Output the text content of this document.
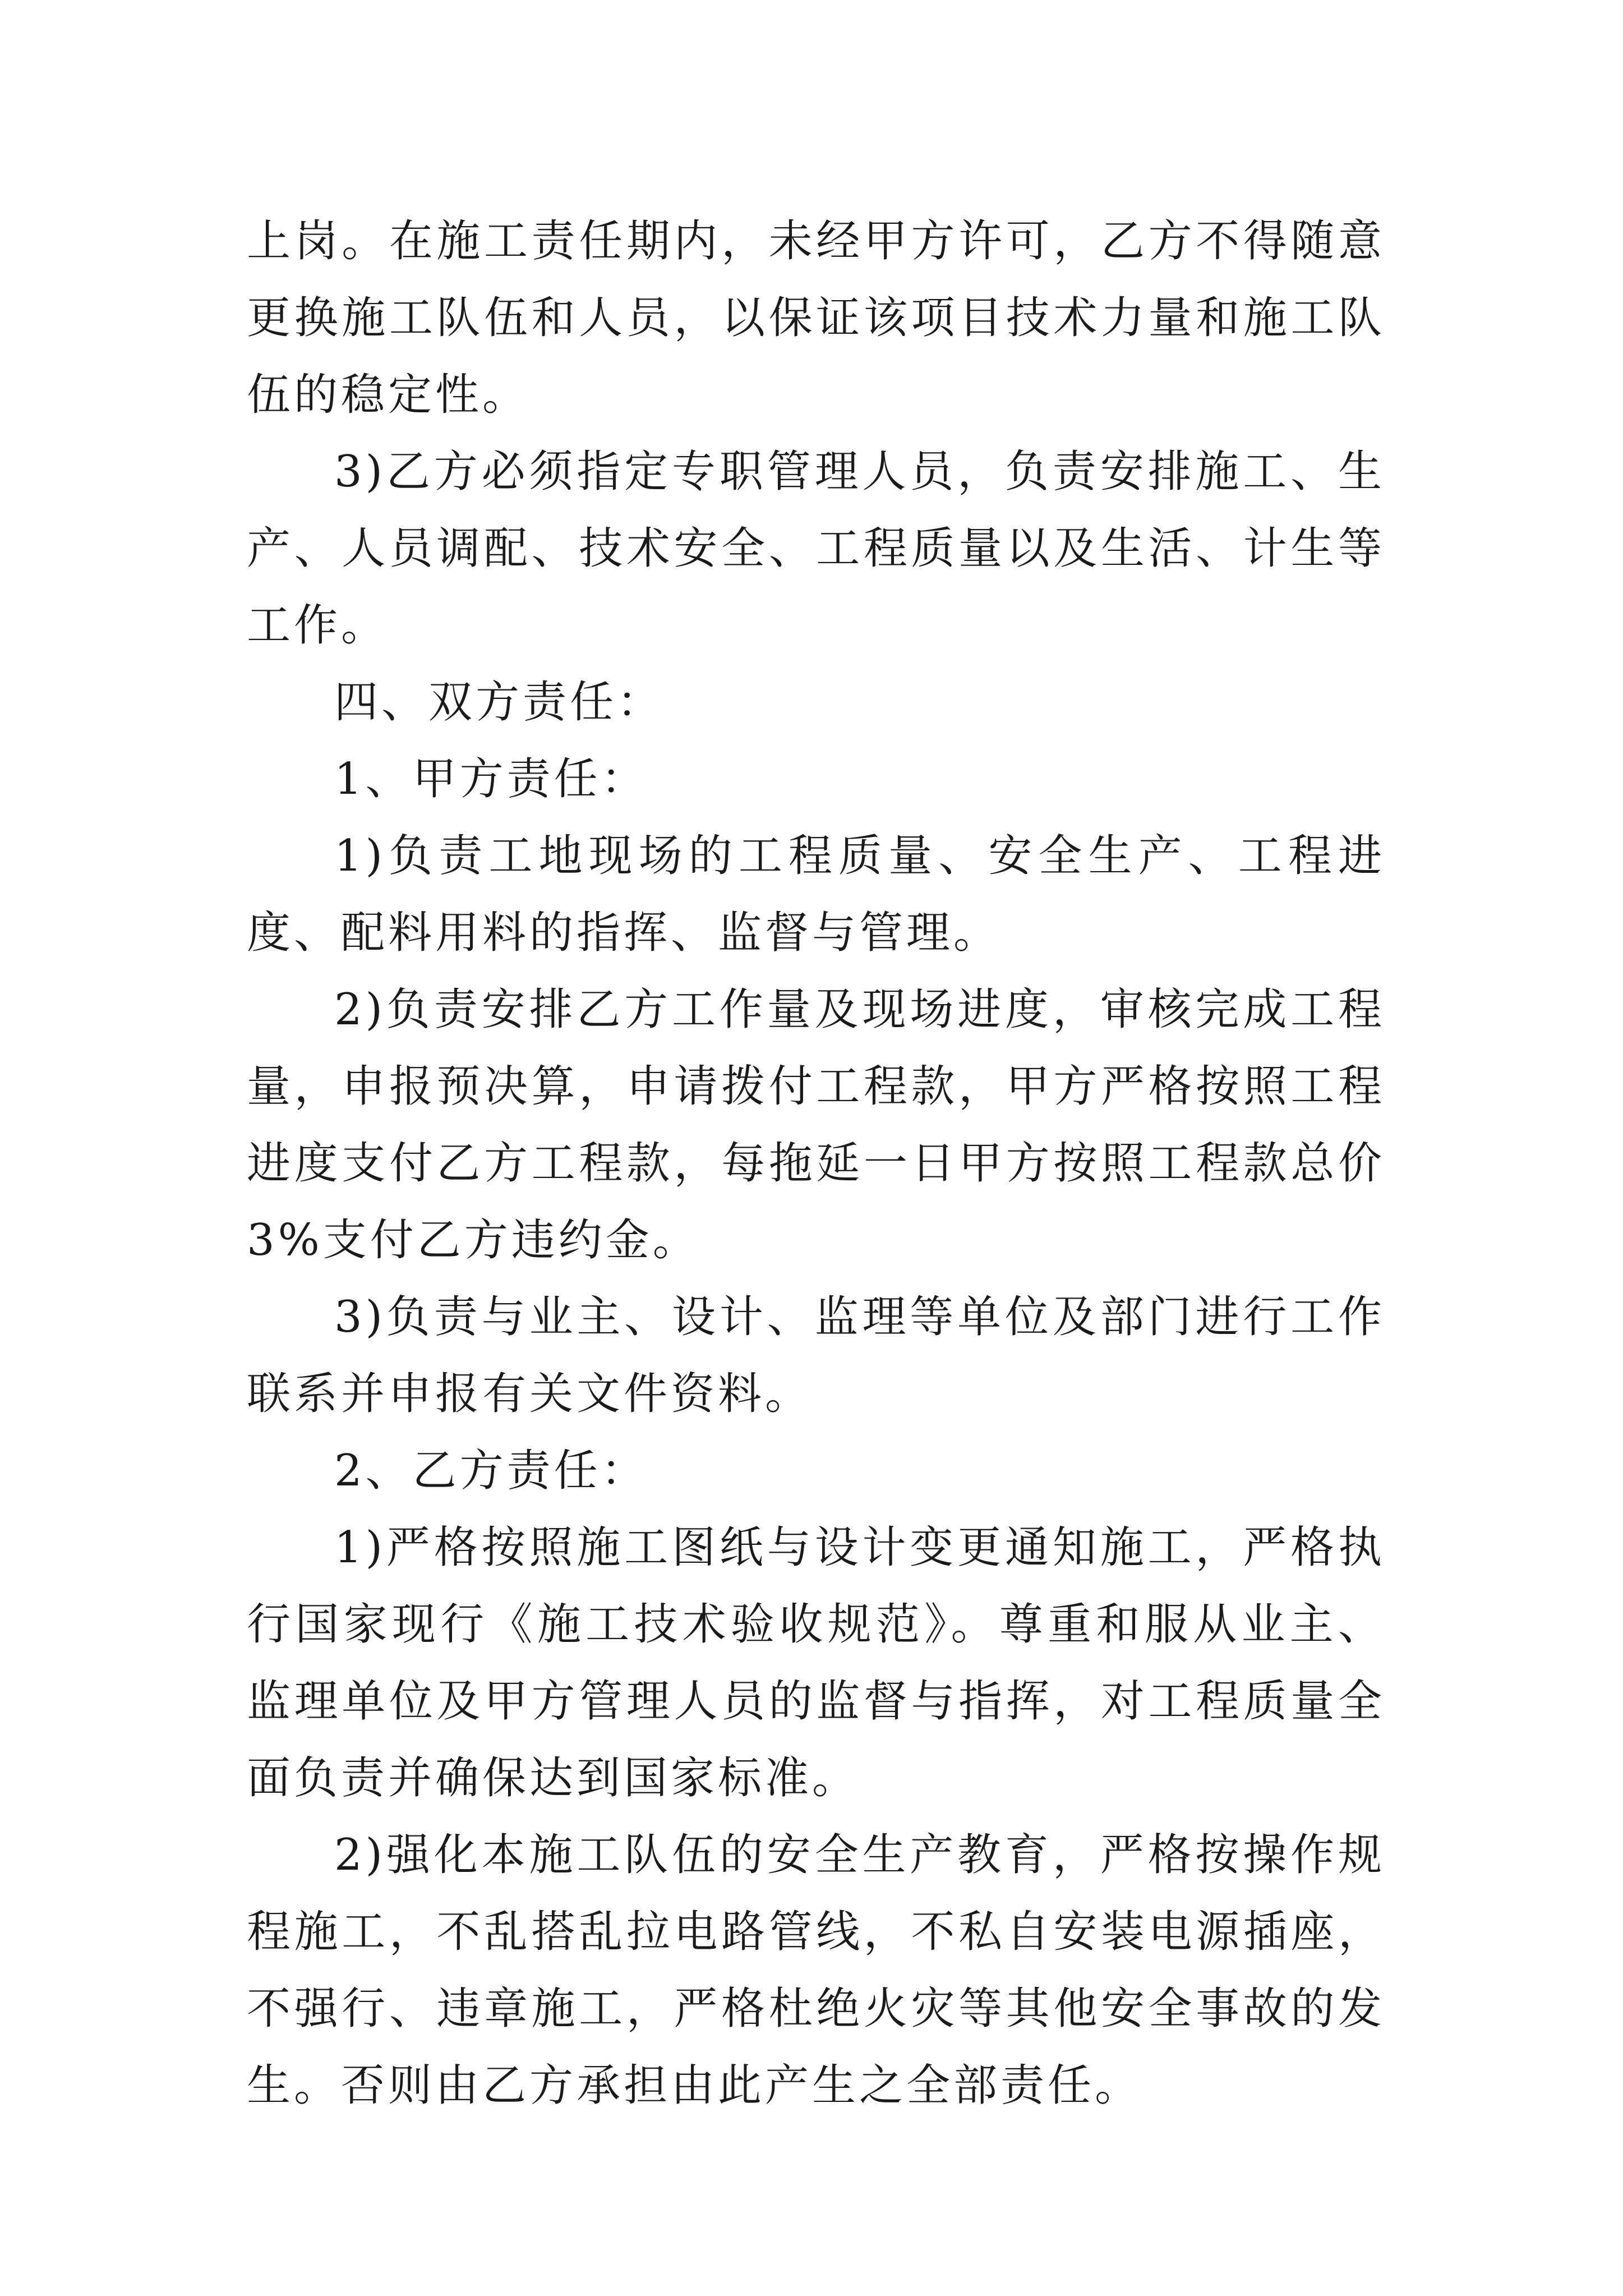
上岗。在施工责任期内，未经甲方许可，乙方不得随意更换施工队伍和人员，以保证该项目技术力量和施工队伍的稳定性。

3)乙方必须指定专职管理人员，负责安排施工、生产、人员调配、技术安全、工程质量以及生活、计生等工作。

四、双方责任：

1、甲方责任：

1)负责工地现场的工程质量、安全生产、工程进度、配料用料的指挥、监督与管理。

2)负责安排乙方工作量及现场进度，审核完成工程量，申报预决算，申请拨付工程款，甲方严格按照工程进度支付乙方工程款，每拖延一日甲方按照工程款总价 3%支付乙方违约金。

3)负责与业主、设计、监理等单位及部门进行工作联系并申报有关文件资料。

2、乙方责任：

1)严格按照施工图纸与设计变更通知施工，严格执行国家现行《施工技术验收规范》。尊重和服从业主、监理单位及甲方管理人员的监督与指挥，对工程质量全面负责并确保达到国家标准。

2)强化本施工队伍的安全生产教育，严格按操作规程施工，不乱搭乱拉电路管线，不私自安装电源插座，不强行、违章施工，严格杜绝火灾等其他安全事故的发生。否则由乙方承担由此产生之全部责任。
